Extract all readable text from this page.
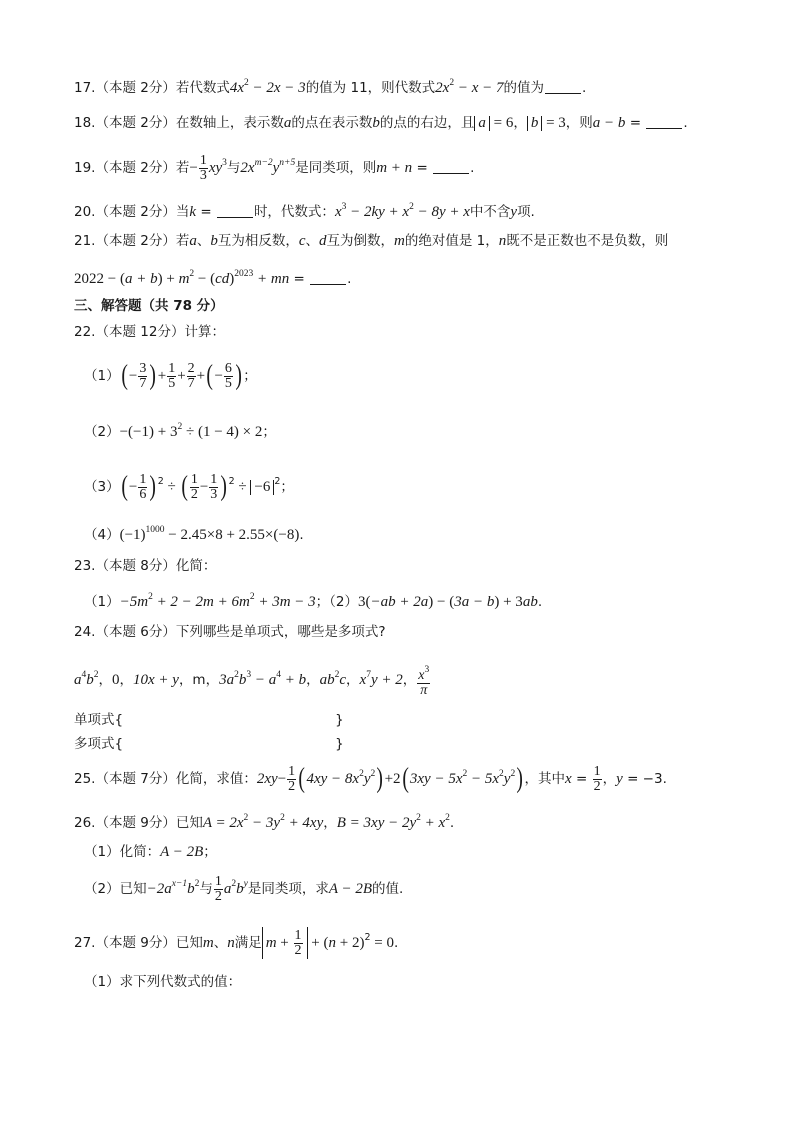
17.（本题 2分）若代数式$4x^2 - 2x - 3$的值为 11，则代数式$2x^2 - x - 7$的值为	.
18.（本题 2分）在数轴上，表示数a的点在表示数b的点的右边，且 a = 6， b = 3，则a − b =	.
19.（本题 2分）若− $\frac{1}{3} xy^3$与$2x^{m-2}y^{n+5}$是同类项，则m + n =	.
20.（本题 2分）当k =	时，代数式：$x^3 - 2ky + x^2 - 8y + x$中不含y项.
21.（本题 2分）若a、b互为相反数，c、d互为倒数，m的绝对值是 1，n既不是正数也不是负数，则
$2022 - (a + b) + m^2 - (cd)^{2023}$ + mn =	.
三、解答题（共 78 分）
22.（本题 12分）计算：
$(1)(- \frac{3}{7}$ )+ $\frac{1}{5} + \frac{2}{7}$ +(− $\frac{6}{5}$ )；
$(2)-(-1) + 3^2 \div (1 - 4) \times 2$；
$(3)(- \frac{1}{6} )^2$ ÷ ( $\frac{1}{2} - \frac{1}{3} )^2 \div -6$ $^2$；
$(4)(-1)^{1000} - 2.45\times 8 + 2.55\times(-8)$.
23.（本题 8分）化简：
$(1)-5m^2 + 2 - 2m + 6m^2 + 3m - 3$；（2）3(−ab + 2a) − (3a − b) + 3ab.
24.（本题 6分）下列哪些是单项式，哪些是多项式?
$a^4b^2$，0，10x + y，m，$3a^2b^3 - a^4 + b$，$ab^2c$，$x^7y + 2$， $\frac{x^3}{\pi}$
单项式{	}
多项式{	}
25.（本题 7分）化简，求值：$2xy- \frac{1}{2} (4xy - 8x^2y^2)+2(3xy - 5x^2 - 5x^2y^2)$，其中$x = \frac{1}{2}$ ，y = −3.
26.（本题 9分）已知$A = 2x^2 - 3y^2 + 4xy$，$B = 3xy - 2y^2 + x^2$.
（1）化简：A − 2B；
（2）已知$-2a^{x-1}b^2$与 $\frac{1}{2} a^2b^y$是同类项，求A − 2B的值.
27.（本题 9分）已知m、n满足 $m + \frac{1}{2} + (n + 2)^2 = 0$.
（1）求下列代数式的值：
